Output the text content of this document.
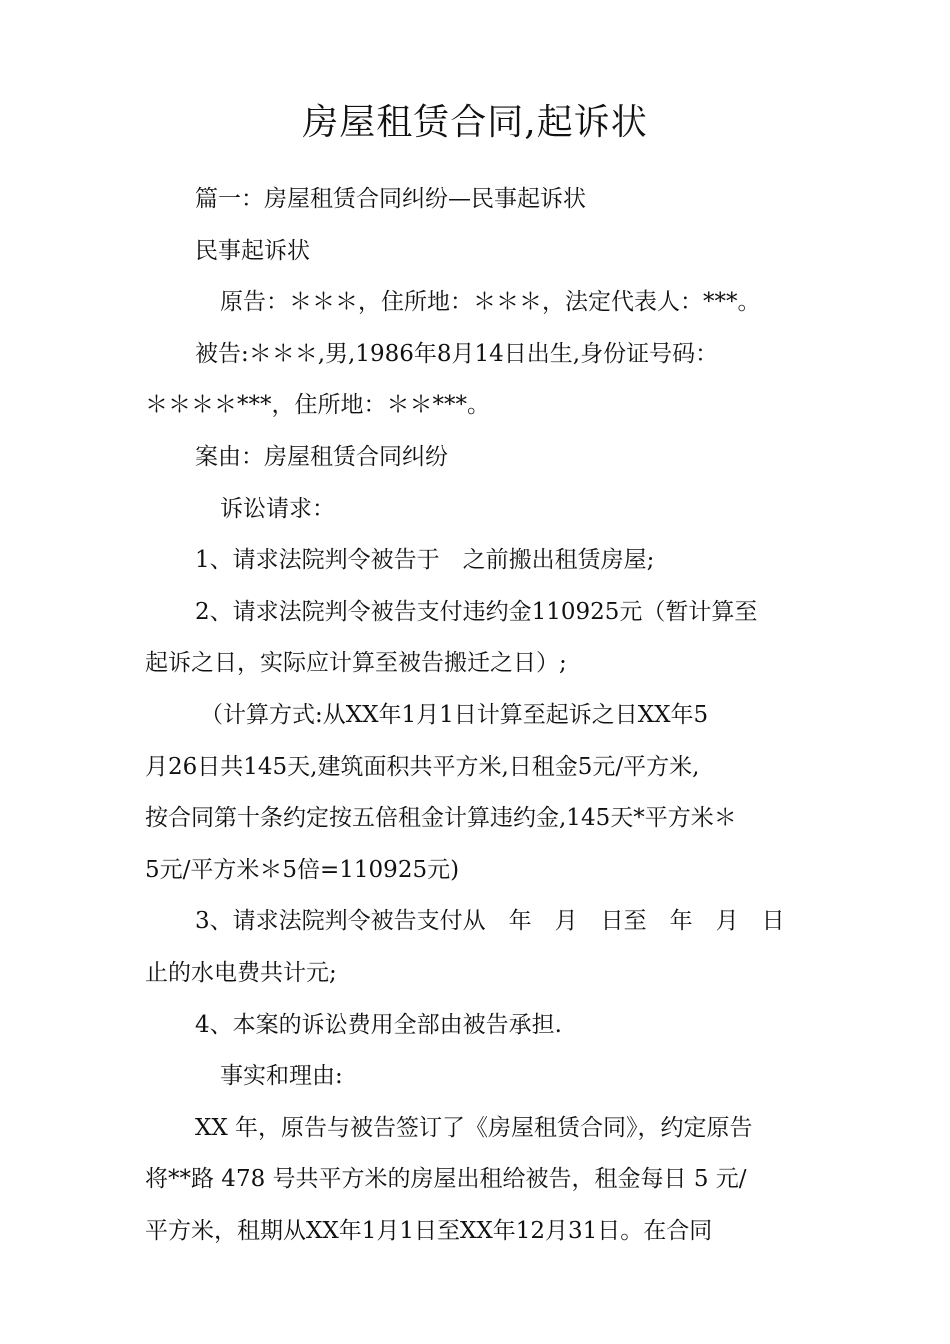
房屋租赁合同,起诉状
篇一：房屋租赁合同纠纷—民事起诉状
民事起诉状
原告：＊＊＊，住所地：＊＊＊，法定代表人：***。
被告:＊＊＊,男,1986年8月14日出生,身份证号码：
＊＊＊＊***，住所地：＊＊***。
案由：房屋租赁合同纠纷
诉讼请求：
1、请求法院判令被告于　之前搬出租赁房屋;
2、请求法院判令被告支付违约金110925元（暂计算至
起诉之日，实际应计算至被告搬迁之日）;
（计算方式:从XX年1月1日计算至起诉之日XX年5
月26日共145天,建筑面积共平方米,日租金5元/平方米,
按合同第十条约定按五倍租金计算违约金,145天*平方米＊
5元/平方米＊5倍=110925元)
3、请求法院判令被告支付从　年　月　日至　年　月　日
止的水电费共计元;
4、本案的诉讼费用全部由被告承担.
事实和理由:
XX 年，原告与被告签订了《房屋租赁合同》，约定原告
将**路 478 号共平方米的房屋出租给被告，租金每日 5 元/
平方米，租期从XX年1月1日至XX年12月31日。在合同
